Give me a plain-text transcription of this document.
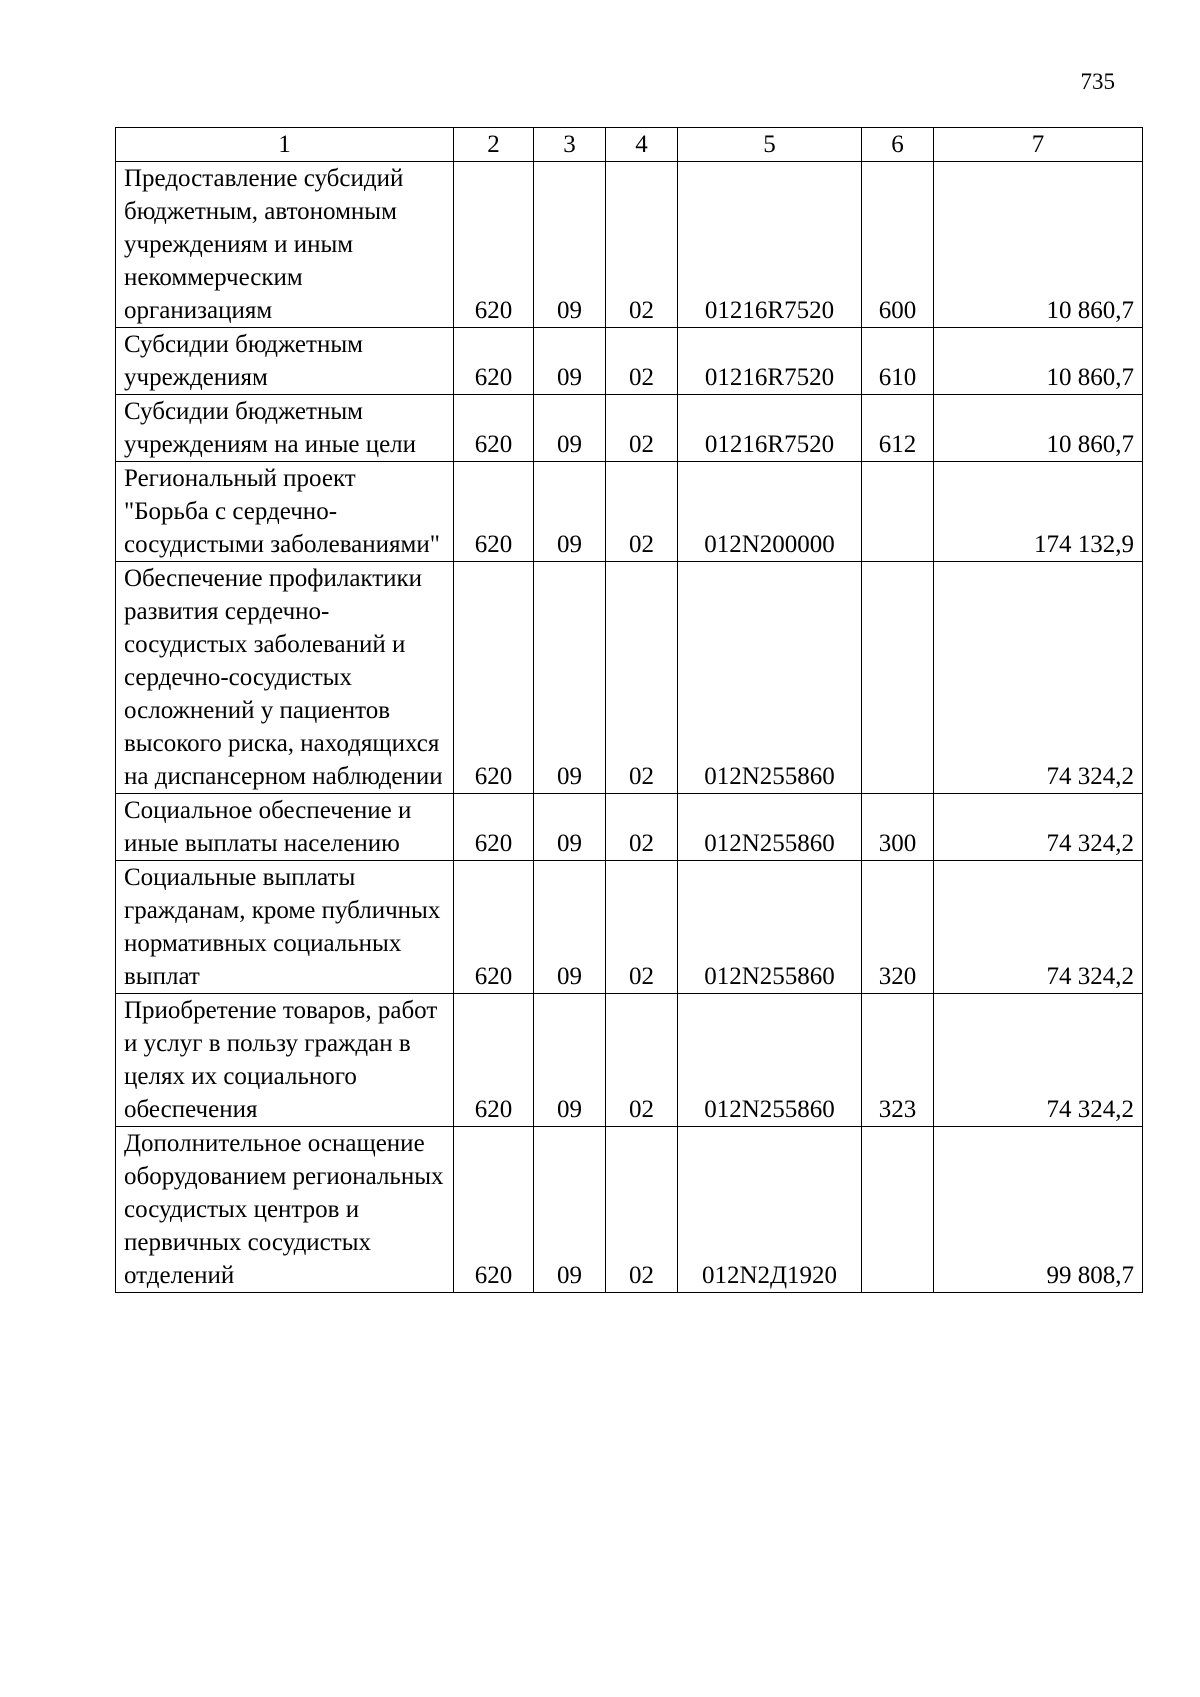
735
1	2	3	4	5	6	7
Предоставление субсидий бюджетным, автономным учреждениям и иным некоммерческим организациям	620	09	02	01216R7520	600	10 860,7
Субсидии бюджетным учреждениям	620	09	02	01216R7520	610	10 860,7
Субсидии бюджетным учреждениям на иные цели	620	09	02	01216R7520	612	10 860,7
Региональный проект "Борьба с сердечно-сосудистыми заболеваниями"	620	09	02	012N200000		174 132,9
Обеспечение профилактики развития сердечно-сосудистых заболеваний и сердечно-сосудистых осложнений у пациентов высокого риска, находящихся на диспансерном наблюдении	620	09	02	012N255860		74 324,2
Социальное обеспечение и иные выплаты населению	620	09	02	012N255860	300	74 324,2
Социальные выплаты гражданам, кроме публичных нормативных социальных выплат	620	09	02	012N255860	320	74 324,2
Приобретение товаров, работ и услуг в пользу граждан в целях их социального обеспечения	620	09	02	012N255860	323	74 324,2
Дополнительное оснащение оборудованием региональных сосудистых центров и первичных сосудистых отделений	620	09	02	012N2Д1920		99 808,7
